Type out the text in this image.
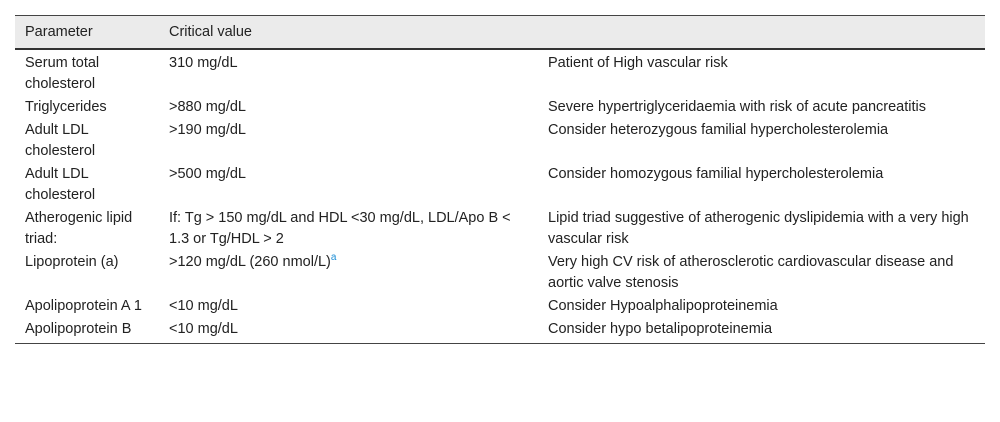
Parameter	Critical value	
Serum total cholesterol	310 mg/dL	Patient of High vascular risk
Triglycerides	>880 mg/dL	Severe hypertriglyceridaemia with risk of acute pancreatitis
Adult LDL cholesterol	>190 mg/dL	Consider heterozygous familial hypercholesterolemia
Adult LDL cholesterol	>500 mg/dL	Consider homozygous familial hypercholesterolemia
Atherogenic lipid triad:	If: Tg > 150 mg/dL and HDL <30 mg/dL, LDL/Apo B < 1.3 or Tg/HDL > 2	Lipid triad suggestive of atherogenic dyslipidemia with a very high vascular risk
Lipoprotein (a)	>120 mg/dL (260 nmol/L)$^a$	Very high CV risk of atherosclerotic cardiovascular disease and aortic valve stenosis
Apolipoprotein A 1	<10 mg/dL	Consider Hypoalphalipoproteinemia
Apolipoprotein B	<10 mg/dL	Consider hypo betalipoproteinemia
